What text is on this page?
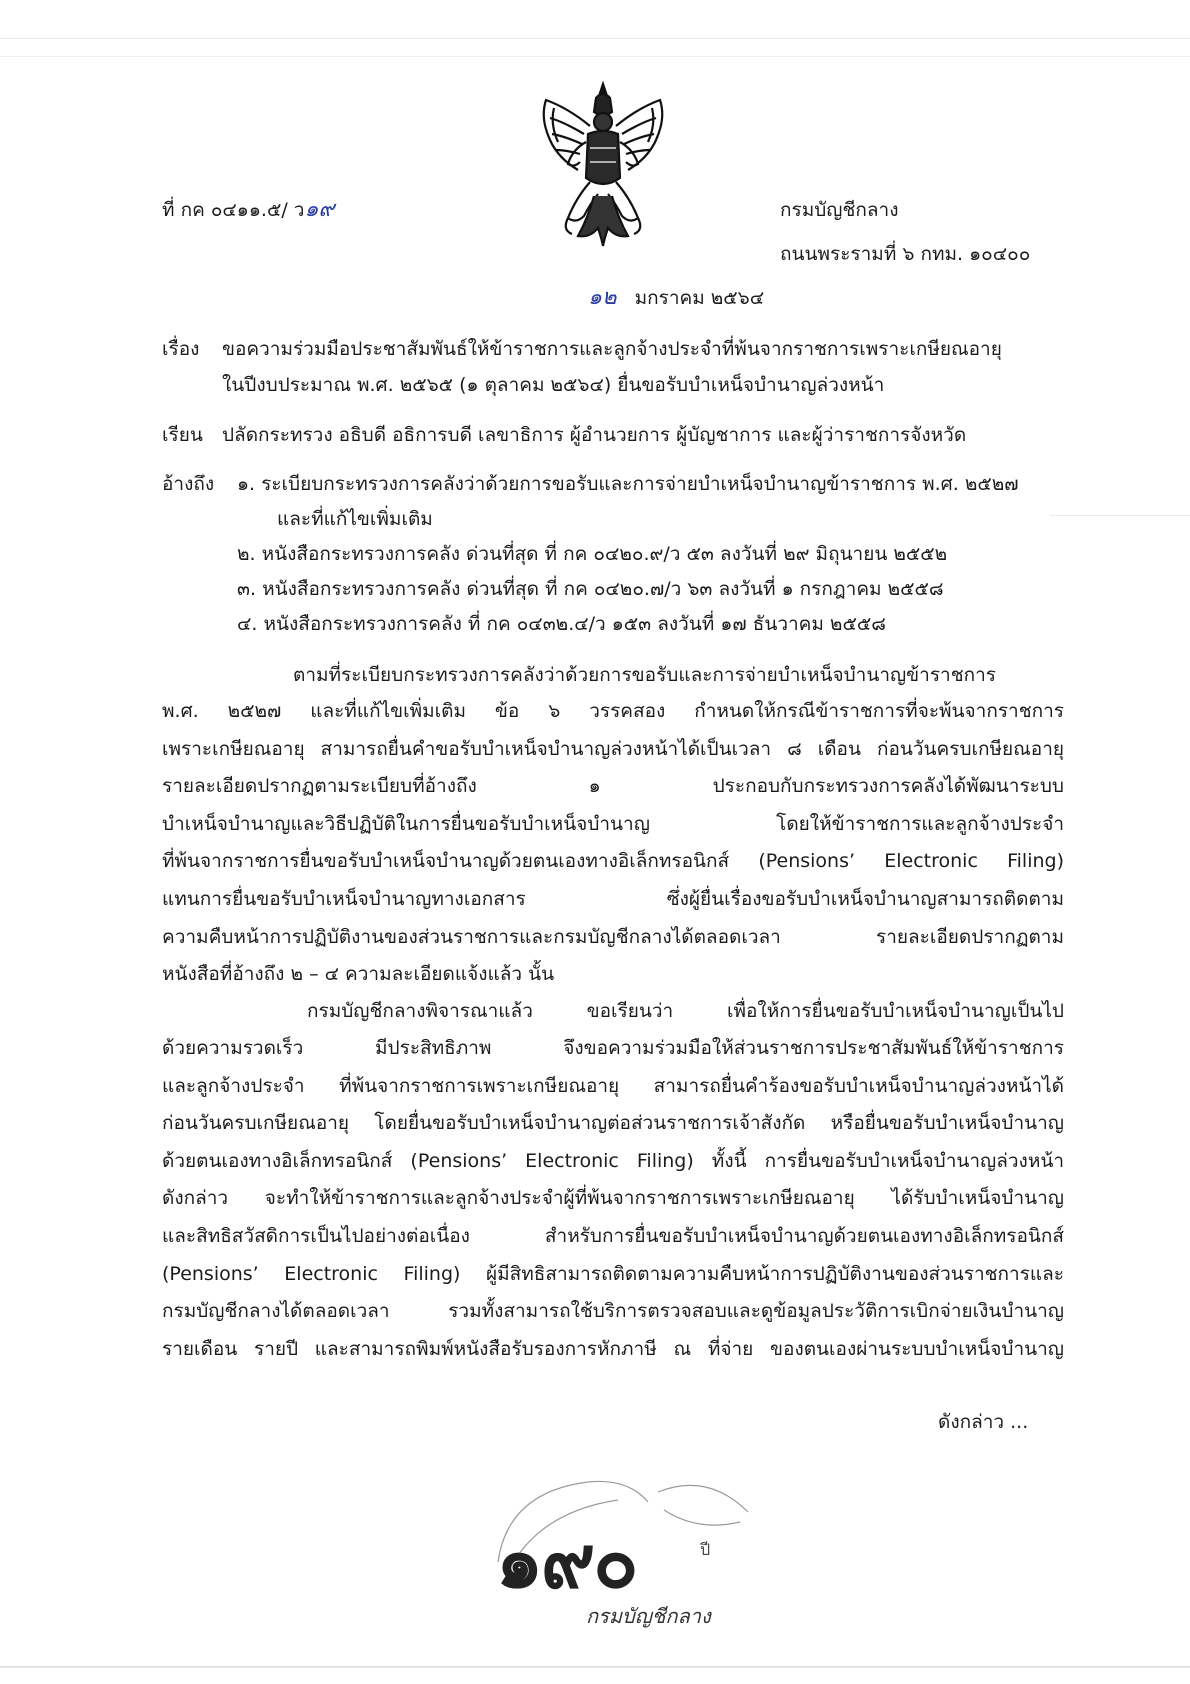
ที่ กค ๐๔๑๑.๕/ ว๑๙	กรมบัญชีกลาง
ถนนพระรามที่ ๖ กทม. ๑๐๔๐๐
๑๒ มกราคม ๒๕๖๔
เรื่อง ขอความร่วมมือประชาสัมพันธ์ให้ข้าราชการและลูกจ้างประจำที่พ้นจากราชการเพราะเกษียณอายุ
ในปีงบประมาณ พ.ศ. ๒๕๖๕ (๑ ตุลาคม ๒๕๖๔) ยื่นขอรับบำเหน็จบำนาญล่วงหน้า
เรียน ปลัดกระทรวง อธิบดี อธิการบดี เลขาธิการ ผู้อำนวยการ ผู้บัญชาการ และผู้ว่าราชการจังหวัด
อ้างถึง ๑. ระเบียบกระทรวงการคลังว่าด้วยการขอรับและการจ่ายบำเหน็จบำนาญข้าราชการ พ.ศ. ๒๕๒๗
และที่แก้ไขเพิ่มเติม
๒. หนังสือกระทรวงการคลัง ด่วนที่สุด ที่ กค ๐๔๒๐.๙/ว ๕๓ ลงวันที่ ๒๙ มิถุนายน ๒๕๕๒
๓. หนังสือกระทรวงการคลัง ด่วนที่สุด ที่ กค ๐๔๒๐.๗/ว ๖๓ ลงวันที่ ๑ กรกฎาคม ๒๕๕๘
๔. หนังสือกระทรวงการคลัง ที่ กค ๐๔๓๒.๔/ว ๑๕๓ ลงวันที่ ๑๗ ธันวาคม ๒๕๕๘
ตามที่ระเบียบกระทรวงการคลังว่าด้วยการขอรับและการจ่ายบำเหน็จบำนาญข้าราชการ
พ.ศ. ๒๕๒๗ และที่แก้ไขเพิ่มเติม ข้อ ๖ วรรคสอง กำหนดให้กรณีข้าราชการที่จะพ้นจากราชการ
เพราะเกษียณอายุ สามารถยื่นคำขอรับบำเหน็จบำนาญล่วงหน้าได้เป็นเวลา ๘ เดือน ก่อนวันครบเกษียณอายุ
รายละเอียดปรากฏตามระเบียบที่อ้างถึง ๑ ประกอบกับกระทรวงการคลังได้พัฒนาระบบ
บำเหน็จบำนาญและวิธีปฏิบัติในการยื่นขอรับบำเหน็จบำนาญ โดยให้ข้าราชการและลูกจ้างประจำ
ที่พ้นจากราชการยื่นขอรับบำเหน็จบำนาญด้วยตนเองทางอิเล็กทรอนิกส์ (Pensions’ Electronic Filing)
แทนการยื่นขอรับบำเหน็จบำนาญทางเอกสาร ซึ่งผู้ยื่นเรื่องขอรับบำเหน็จบำนาญสามารถติดตาม
ความคืบหน้าการปฏิบัติงานของส่วนราชการและกรมบัญชีกลางได้ตลอดเวลา รายละเอียดปรากฏตาม
หนังสือที่อ้างถึง ๒ – ๔ ความละเอียดแจ้งแล้ว นั้น
กรมบัญชีกลางพิจารณาแล้ว ขอเรียนว่า เพื่อให้การยื่นขอรับบำเหน็จบำนาญเป็นไป
ด้วยความรวดเร็ว มีประสิทธิภาพ จึงขอความร่วมมือให้ส่วนราชการประชาสัมพันธ์ให้ข้าราชการ
และลูกจ้างประจำ ที่พ้นจากราชการเพราะเกษียณอายุ สามารถยื่นคำร้องขอรับบำเหน็จบำนาญล่วงหน้าได้
ก่อนวันครบเกษียณอายุ โดยยื่นขอรับบำเหน็จบำนาญต่อส่วนราชการเจ้าสังกัด หรือยื่นขอรับบำเหน็จบำนาญ
ด้วยตนเองทางอิเล็กทรอนิกส์ (Pensions’ Electronic Filing) ทั้งนี้ การยื่นขอรับบำเหน็จบำนาญล่วงหน้า
ดังกล่าว จะทำให้ข้าราชการและลูกจ้างประจำผู้ที่พ้นจากราชการเพราะเกษียณอายุ ได้รับบำเหน็จบำนาญ
และสิทธิสวัสดิการเป็นไปอย่างต่อเนื่อง สำหรับการยื่นขอรับบำเหน็จบำนาญด้วยตนเองทางอิเล็กทรอนิกส์
(Pensions’ Electronic Filing) ผู้มีสิทธิสามารถติดตามความคืบหน้าการปฏิบัติงานของส่วนราชการและ
กรมบัญชีกลางได้ตลอดเวลา รวมทั้งสามารถใช้บริการตรวจสอบและดูข้อมูลประวัติการเบิกจ่ายเงินบำนาญ
รายเดือน รายปี และสามารถพิมพ์หนังสือรับรองการหักภาษี ณ ที่จ่าย ของตนเองผ่านระบบบำเหน็จบำนาญ
ดังกล่าว ...
๑๙๐	ปี
กรมบัญชีกลาง
